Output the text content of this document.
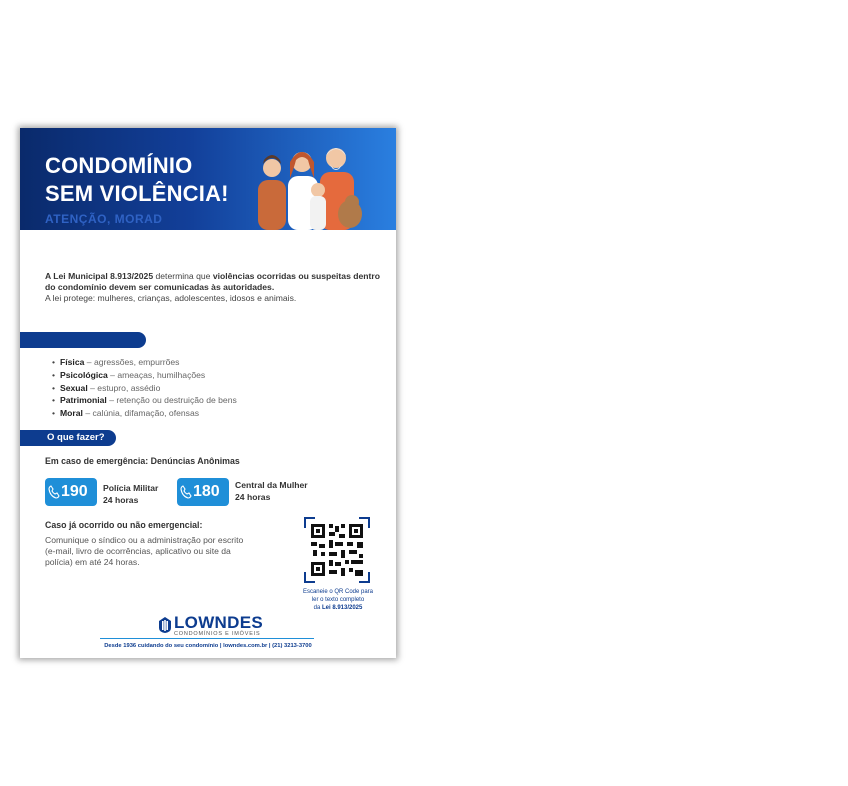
CONDOMÍNIO
SEM VIOLÊNCIA!
ATENÇÃO, MORAD
A Lei Municipal 8.913/2025 determina que violências ocorridas ou suspeitas dentro do condomínio devem ser comunicadas às autoridades.
A lei protege: mulheres, crianças, adolescentes, idosos e animais.
• Física – agressões, empurrões
• Psicológica – ameaças, humilhações
• Sexual – estupro, assédio
• Patrimonial – retenção ou destruição de bens
• Moral – calúnia, difamação, ofensas
O que fazer?
Em caso de emergência: Denúncias Anônimas
190	Polícia Militar
24 horas	180	Central da Mulher
24 horas
Caso já ocorrido ou não emergencial:
Comunique o síndico ou a administração por escrito (e-mail, livro de ocorrências, aplicativo ou site da polícia) em até 24 horas.
Escaneie o QR Code para
ler o texto completo
da Lei 8.913/2025
LOWNDES
CONDOMÍNIOS E IMÓVEIS
Desde 1936 cuidando do seu condomínio | lowndes.com.br | (21) 3213-3700
